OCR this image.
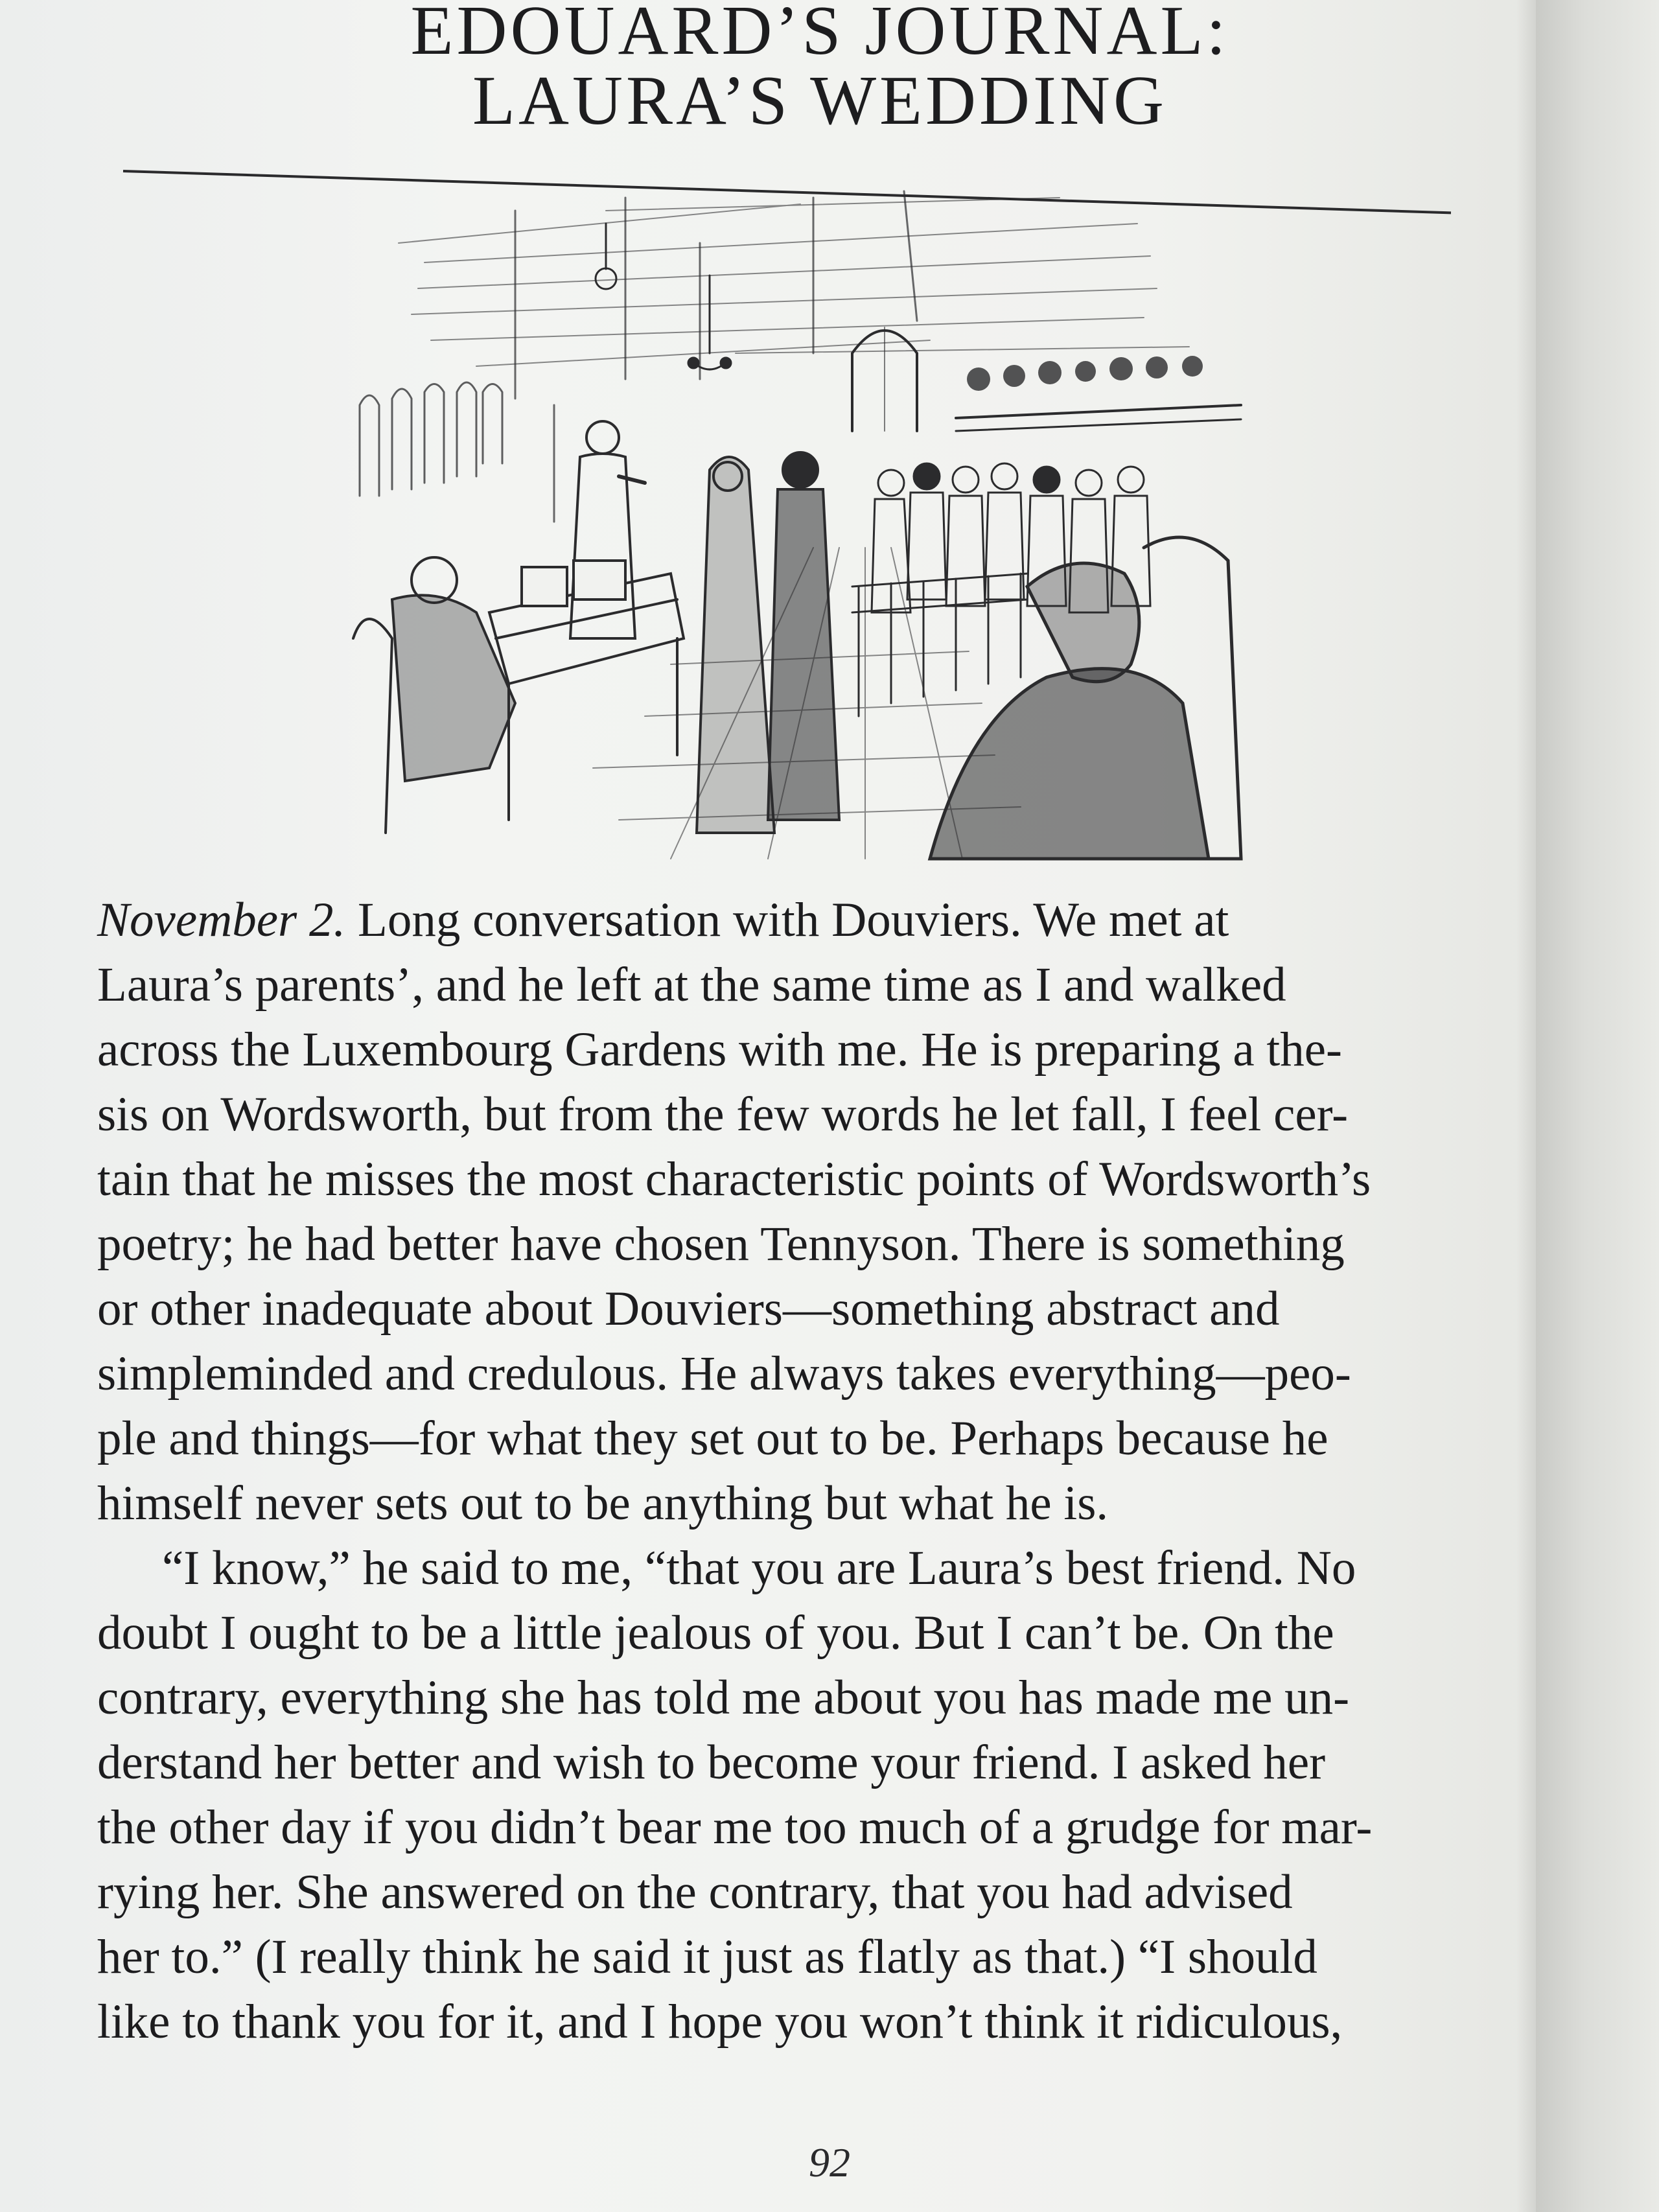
EDOUARD’S JOURNAL:
LAURA’S WEDDING
November 2. Long conversation with Douviers. We met at
Laura’s parents’, and he left at the same time as I and walked
across the Luxembourg Gardens with me. He is preparing a the-
sis on Wordsworth, but from the few words he let fall, I feel cer-
tain that he misses the most characteristic points of Wordsworth’s
poetry; he had better have chosen Tennyson. There is something
or other inadequate about Douviers—something abstract and
simpleminded and credulous. He always takes everything—peo-
ple and things—for what they set out to be. Perhaps because he
himself never sets out to be anything but what he is.
“I know,” he said to me, “that you are Laura’s best friend. No
doubt I ought to be a little jealous of you. But I can’t be. On the
contrary, everything she has told me about you has made me un-
derstand her better and wish to become your friend. I asked her
the other day if you didn’t bear me too much of a grudge for mar-
rying her. She answered on the contrary, that you had advised
her to.” (I really think he said it just as flatly as that.) “I should
like to thank you for it, and I hope you won’t think it ridiculous,
92
